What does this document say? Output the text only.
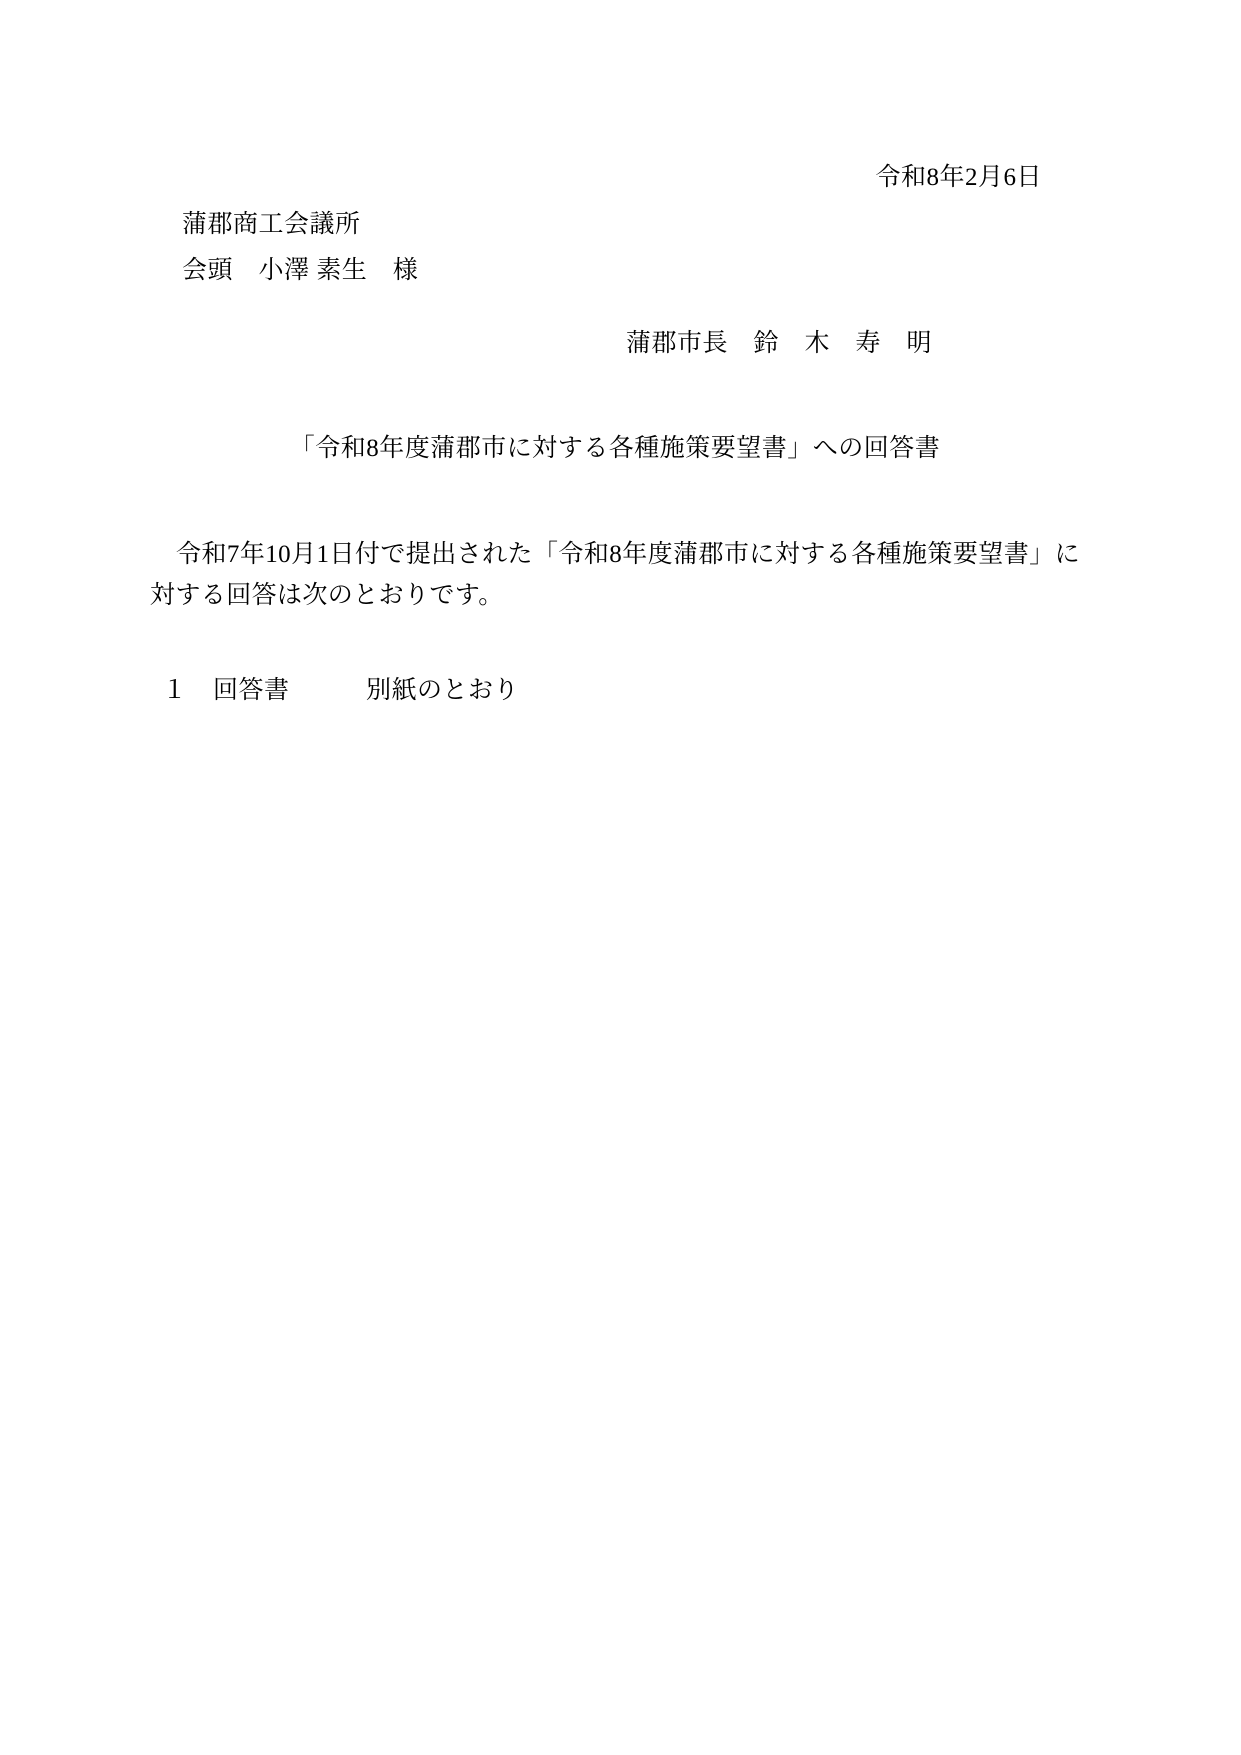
令和8年2月6日
蒲郡商工会議所
会頭　小澤 素生　様
蒲郡市長　鈴　木　寿　明
「令和8年度蒲郡市に対する各種施策要望書」への回答書
令和7年10月1日付で提出された「令和8年度蒲郡市に対する各種施策要望書」に対する回答は次のとおりです。
１　回答書　　　別紙のとおり
